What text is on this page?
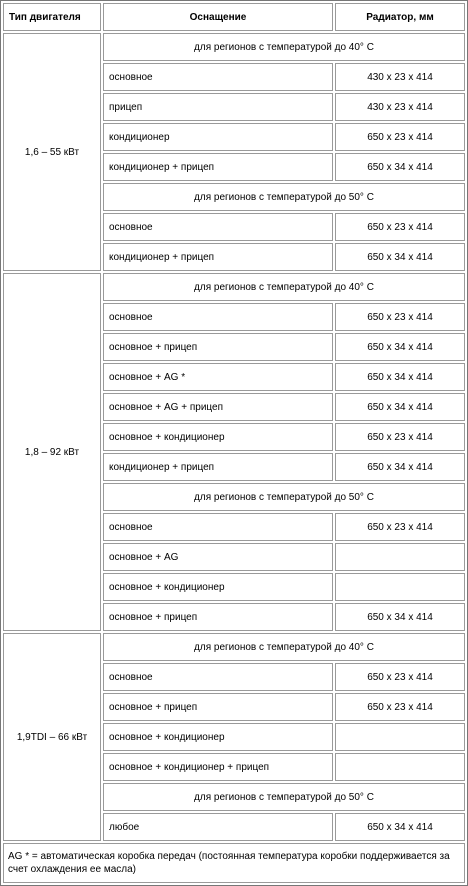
Тип двигателя	Оснащение	Радиатор, мм
1,6 – 55 кВт	для регионов с температурой до 40° С	
	основное	430 х 23 х 414
	прицеп	430 х 23 х 414
	кондиционер	650 х 23 х 414
	кондиционер + прицеп	650 х 34 х 414
	для регионов с температурой до 50° С	
	основное	650 х 23 х 414
	кондиционер + прицеп	650 х 34 х 414
1,8 – 92 кВт	для регионов с температурой до 40° С	
	основное	650 х 23 х 414
	основное + прицеп	650 х 34 х 414
	основное + AG *	650 х 34 х 414
	основное + AG + прицеп	650 х 34 х 414
	основное + кондиционер	650 х 23 х 414
	кондиционер + прицеп	650 х 34 х 414
	для регионов с температурой до 50° С	
	основное	650 х 23 х 414
	основное + AG	
	основное + кондиционер	
	основное + прицеп	650 х 34 х 414
1,9TDI – 66 кВт	для регионов с температурой до 40° С	
	основное	650 х 23 х 414
	основное + прицеп	650 х 23 х 414
	основное + кондиционер	
	основное + кондиционер + прицеп	
	для регионов с температурой до 50° С	
	любое	650 х 34 х 414
AG * = автоматическая коробка передач (постоянная температура коробки поддерживается за счет охлаждения ее масла)		
